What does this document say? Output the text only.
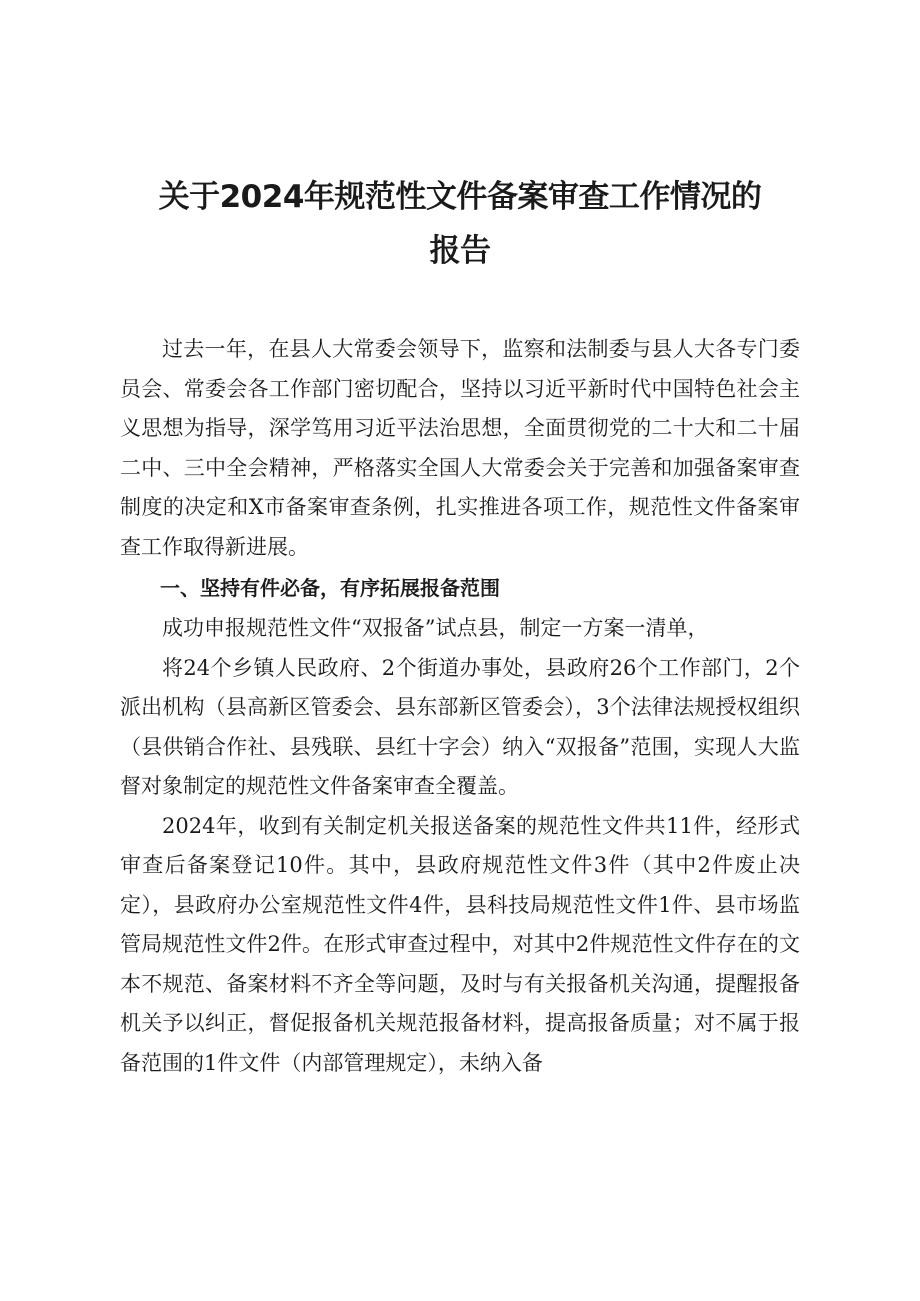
关于2024年规范性文件备案审查工作情况的
报告

过去一年，在县人大常委会领导下，监察和法制委与县人大各专门委员会、常委会各工作部门密切配合，坚持以习近平新时代中国特色社会主义思想为指导，深学笃用习近平法治思想，全面贯彻党的二十大和二十届二中、三中全会精神，严格落实全国人大常委会关于完善和加强备案审查制度的决定和X市备案审查条例，扎实推进各项工作，规范性文件备案审查工作取得新进展。

一、坚持有件必备，有序拓展报备范围

成功申报规范性文件“双报备”试点县，制定一方案一清单，

将24个乡镇人民政府、2个街道办事处，县政府26个工作部门，2个派出机构（县高新区管委会、县东部新区管委会），3个法律法规授权组织（县供销合作社、县残联、县红十字会）纳入“双报备”范围，实现人大监督对象制定的规范性文件备案审查全覆盖。

2024年，收到有关制定机关报送备案的规范性文件共11件，经形式审查后备案登记10件。其中，县政府规范性文件3件（其中2件废止决定），县政府办公室规范性文件4件，县科技局规范性文件1件、县市场监管局规范性文件2件。在形式审查过程中，对其中2件规范性文件存在的文本不规范、备案材料不齐全等问题，及时与有关报备机关沟通，提醒报备机关予以纠正，督促报备机关规范报备材料，提高报备质量；对不属于报备范围的1件文件（内部管理规定），未纳入备
